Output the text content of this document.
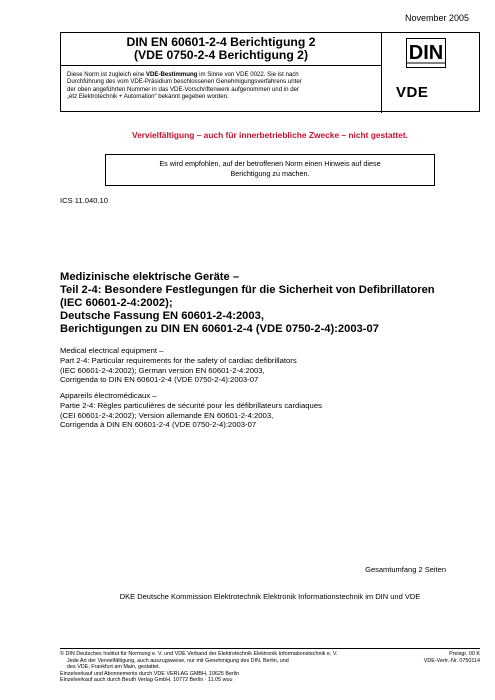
November 2005
DIN EN 60601-2-4 Berichtigung 2
(VDE 0750-2-4 Berichtigung 2)
Diese Norm ist zugleich eine VDE-Bestimmung im Sinne von VDE 0022. Sie ist nach
Durchführung des vom VDE-Präsidium beschlossenen Genehmigungsverfahrens unter
der oben angeführten Nummer in das VDE-Vorschriftenwerk aufgenommen und in der
„etz Elektrotechnik + Automation“ bekannt gegeben worden.
DIN
VDE
Vervielfältigung – auch für innerbetriebliche Zwecke – nicht gestattet.
Es wird empfohlen, auf der betroffenen Norm einen Hinweis auf diese
Berichtigung zu machen.
ICS 11.040.10
Medizinische elektrische Geräte –
Teil 2-4: Besondere Festlegungen für die Sicherheit von Defibrillatoren
(IEC 60601-2-4:2002);
Deutsche Fassung EN 60601-2-4:2003,
Berichtigungen zu DIN EN 60601-2-4 (VDE 0750-2-4):2003-07
Medical electrical equipment –
Part 2-4: Particular requirements for the safety of cardiac defibrillators
(IEC 60601-2-4:2002); German version EN 60601-2-4:2003,
Corrigenda to DIN EN 60601-2-4 (VDE 0750-2-4):2003-07
Appareils électromédicaux –
Partie 2-4: Règles particulières de sécurité pour les défibrillateurs cardiaques
(CEI 60601-2-4:2002); Version allemande EN 60601-2-4:2003,
Corrigenda à DIN EN 60601-2-4 (VDE 0750-2-4):2003-07
Gesamtumfang 2 Seiten
DKE Deutsche Kommission Elektrotechnik Elektronik Informationstechnik im DIN und VDE
© DIN Deutsches Institut für Normung e. V. und VDE Verband der Elektrotechnik Elektronik Informationstechnik e. V.
Jede Art der Vervielfältigung, auch auszugsweise, nur mit Genehmigung des DIN, Berlin, und
des VDE, Frankfurt am Main, gestattet.
Einzelverkauf und Abonnements durch VDE VERLAG GMBH, 10625 Berlin
Einzelverkauf auch durch Beuth Verlag GmbH, 10772 Berlin · 11.05 wuu
Preisgr. 00 K
VDE-Vertr.-Nr. 0750114
